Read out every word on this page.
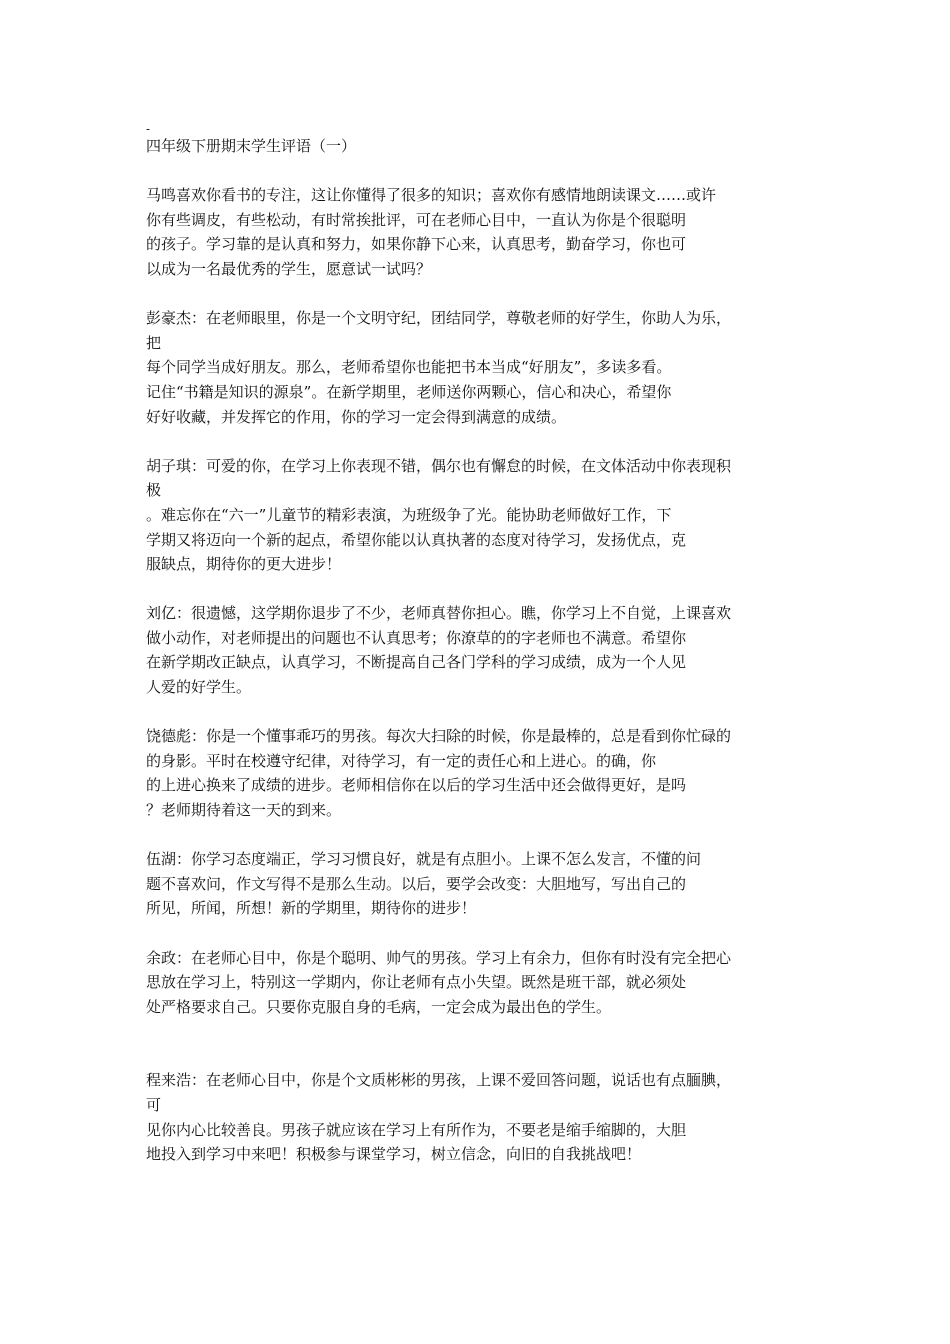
-
四年级下册期末学生评语（一）
马鸣喜欢你看书的专注，这让你懂得了很多的知识；喜欢你有感情地朗读课文……或许
你有些调皮，有些松动，有时常挨批评，可在老师心目中，一直认为你是个很聪明
的孩子。学习靠的是认真和努力，如果你静下心来，认真思考，勤奋学习，你也可
以成为一名最优秀的学生，愿意试一试吗？
彭豪杰：在老师眼里，你是一个文明守纪，团结同学，尊敬老师的好学生，你助人为乐，
把
每个同学当成好朋友。那么，老师希望你也能把书本当成“好朋友”，多读多看。
记住“书籍是知识的源泉”。在新学期里，老师送你两颗心，信心和决心，希望你
好好收藏，并发挥它的作用，你的学习一定会得到满意的成绩。
胡子琪：可爱的你，在学习上你表现不错，偶尔也有懈怠的时候，在文体活动中你表现积
极
。难忘你在“六一”儿童节的精彩表演，为班级争了光。能协助老师做好工作，下
学期又将迈向一个新的起点，希望你能以认真执著的态度对待学习，发扬优点，克
服缺点，期待你的更大进步！
刘亿：很遗憾，这学期你退步了不少，老师真替你担心。瞧，你学习上不自觉，上课喜欢
做小动作，对老师提出的问题也不认真思考；你潦草的的字老师也不满意。希望你
在新学期改正缺点，认真学习，不断提高自己各门学科的学习成绩，成为一个人见
人爱的好学生。
饶德彪：你是一个懂事乖巧的男孩。每次大扫除的时候，你是最棒的，总是看到你忙碌的
的身影。平时在校遵守纪律，对待学习，有一定的责任心和上进心。的确，你
的上进心换来了成绩的进步。老师相信你在以后的学习生活中还会做得更好，是吗
？老师期待着这一天的到来。
伍湖：你学习态度端正，学习习惯良好，就是有点胆小。上课不怎么发言，不懂的问
题不喜欢问，作文写得不是那么生动。以后，要学会改变：大胆地写，写出自己的
所见，所闻，所想！新的学期里，期待你的进步！
余政：在老师心目中，你是个聪明、帅气的男孩。学习上有余力，但你有时没有完全把心
思放在学习上，特别这一学期内，你让老师有点小失望。既然是班干部，就必须处
处严格要求自己。只要你克服自身的毛病，一定会成为最出色的学生。
程来浩：在老师心目中，你是个文质彬彬的男孩，上课不爱回答问题，说话也有点腼腆，
可
见你内心比较善良。男孩子就应该在学习上有所作为，不要老是缩手缩脚的，大胆
地投入到学习中来吧！积极参与课堂学习，树立信念，向旧的自我挑战吧！
